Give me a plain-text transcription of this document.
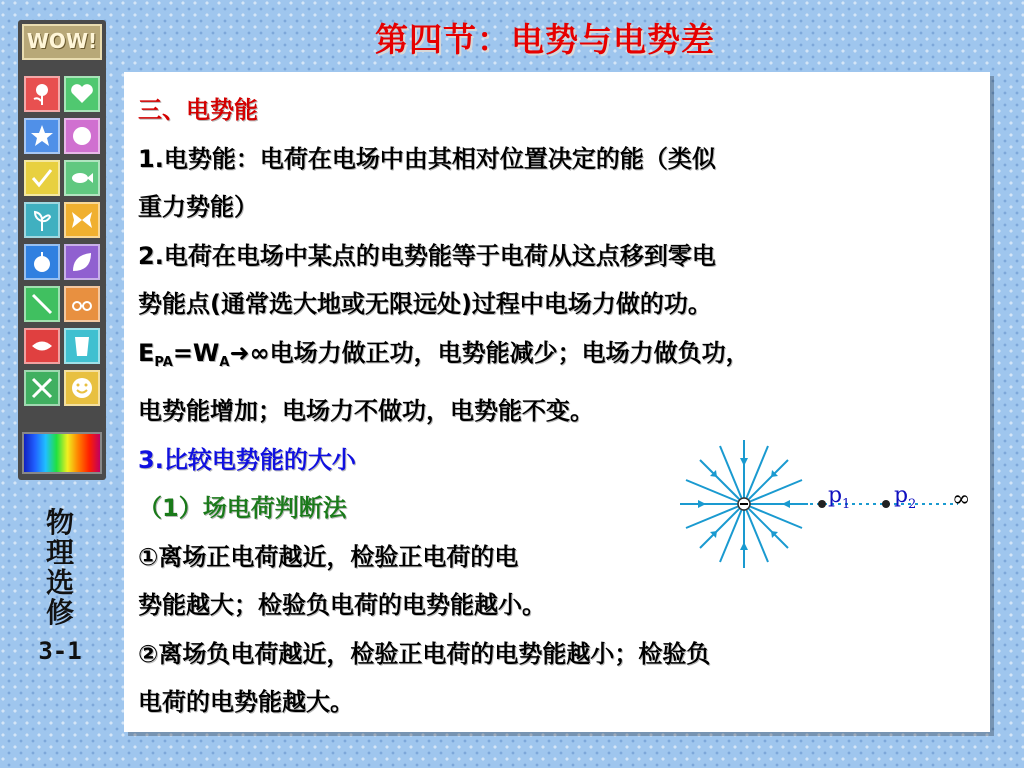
第四节：电势与电势差
WOW!
物
理
选
修
3-1
三、电势能
1.电势能：电荷在电场中由其相对位置决定的能（类似
重力势能）
2.电荷在电场中某点的电势能等于电荷从这点移到零电
势能点(通常选大地或无限远处)过程中电场力做的功。
$E_{PA}=W_A➜\infty$电场力做正功，电势能减少；电场力做负功，
电势能增加；电场力不做功，电势能不变。
3.比较电势能的大小
（1）场电荷判断法
①离场正电荷越近，检验正电荷的电
势能越大；检验负电荷的电势能越小。
②离场负电荷越近，检验正电荷的电势能越小；检验负
电荷的电势能越大。
p 1 p 2 ∞
